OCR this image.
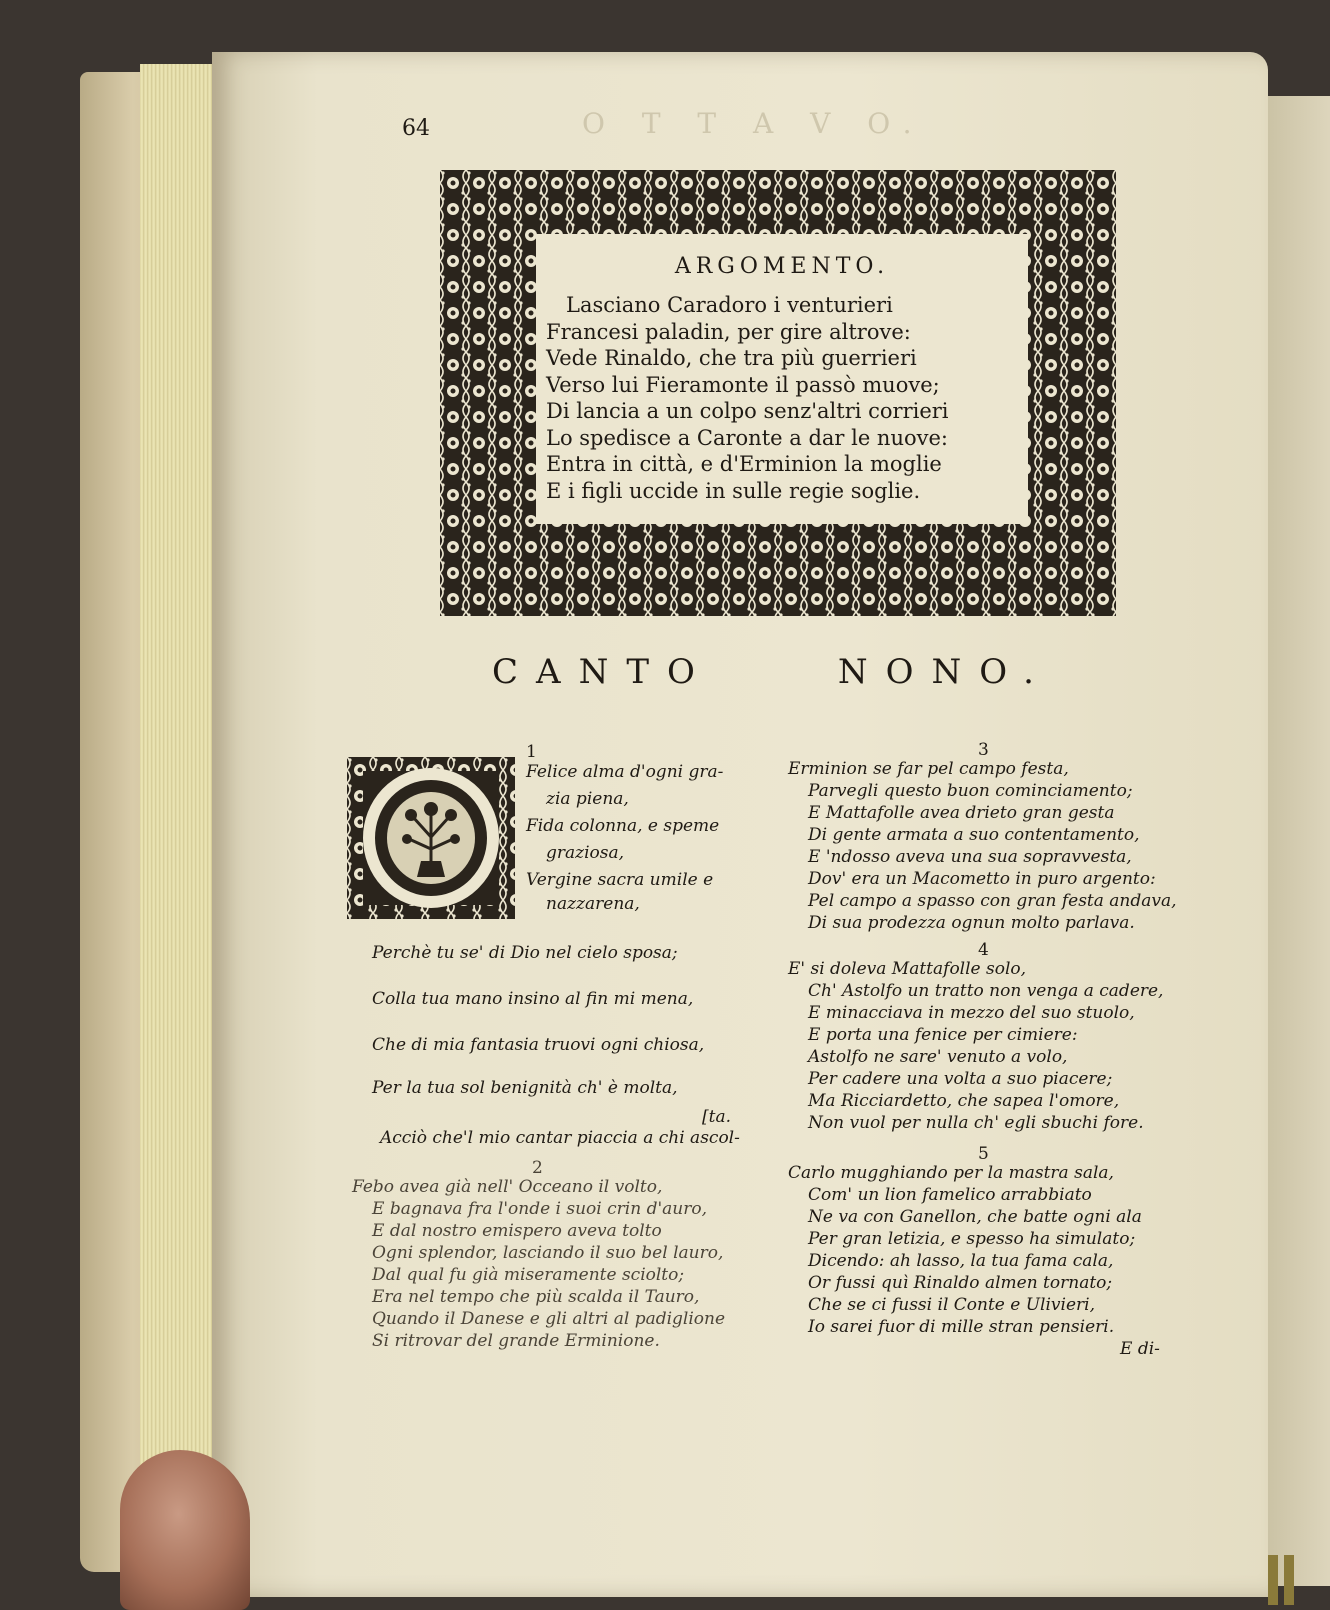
O T T A V O.
64
ARGOMENTO.
Lasciano Caradoro i venturieri
Francesi paladin, per gire altrove:
Vede Rinaldo, che tra più guerrieri
Verso lui Fieramonte il passò muove;
Di lancia a un colpo senz'altri corrieri
Lo spedisce a Caronte a dar le nuove:
Entra in città, e d'Erminion la moglie
E i figli uccide in sulle regie soglie.
CANTO	NONO.
1
Felice alma d'ogni gra-
zia piena,
Fida colonna, e speme
graziosa,
Vergine sacra umile e
nazzarena,
Perchè tu se' di Dio nel cielo sposa;
Colla tua mano insino al fin mi mena,
Che di mia fantasia truovi ogni chiosa,
Per la tua sol benignità ch' è molta,
[ta.
Acciò che'l mio cantar piaccia a chi ascol-
2
Febo avea già nell' Occeano il volto,
E bagnava fra l'onde i suoi crin d'auro,
E dal nostro emispero aveva tolto
Ogni splendor, lasciando il suo bel lauro,
Dal qual fu già miseramente sciolto;
Era nel tempo che più scalda il Tauro,
Quando il Danese e gli altri al padiglione
Si ritrovar del grande Erminione.
3
Erminion se far pel campo festa,
Parvegli questo buon cominciamento;
E Mattafolle avea drieto gran gesta
Di gente armata a suo contentamento,
E 'ndosso aveva una sua sopravvesta,
Dov' era un Macometto in puro argento:
Pel campo a spasso con gran festa andava,
Di sua prodezza ognun molto parlava.
4
E' si doleva Mattafolle solo,
Ch' Astolfo un tratto non venga a cadere,
E minacciava in mezzo del suo stuolo,
E porta una fenice per cimiere:
Astolfo ne sare' venuto a volo,
Per cadere una volta a suo piacere;
Ma Ricciardetto, che sapea l'omore,
Non vuol per nulla ch' egli sbuchi fore.
5
Carlo mugghiando per la mastra sala,
Com' un lion famelico arrabbiato
Ne va con Ganellon, che batte ogni ala
Per gran letizia, e spesso ha simulato;
Dicendo: ah lasso, la tua fama cala,
Or fussi quì Rinaldo almen tornato;
Che se ci fussi il Conte e Ulivieri,
Io sarei fuor di mille stran pensieri.
E di-
